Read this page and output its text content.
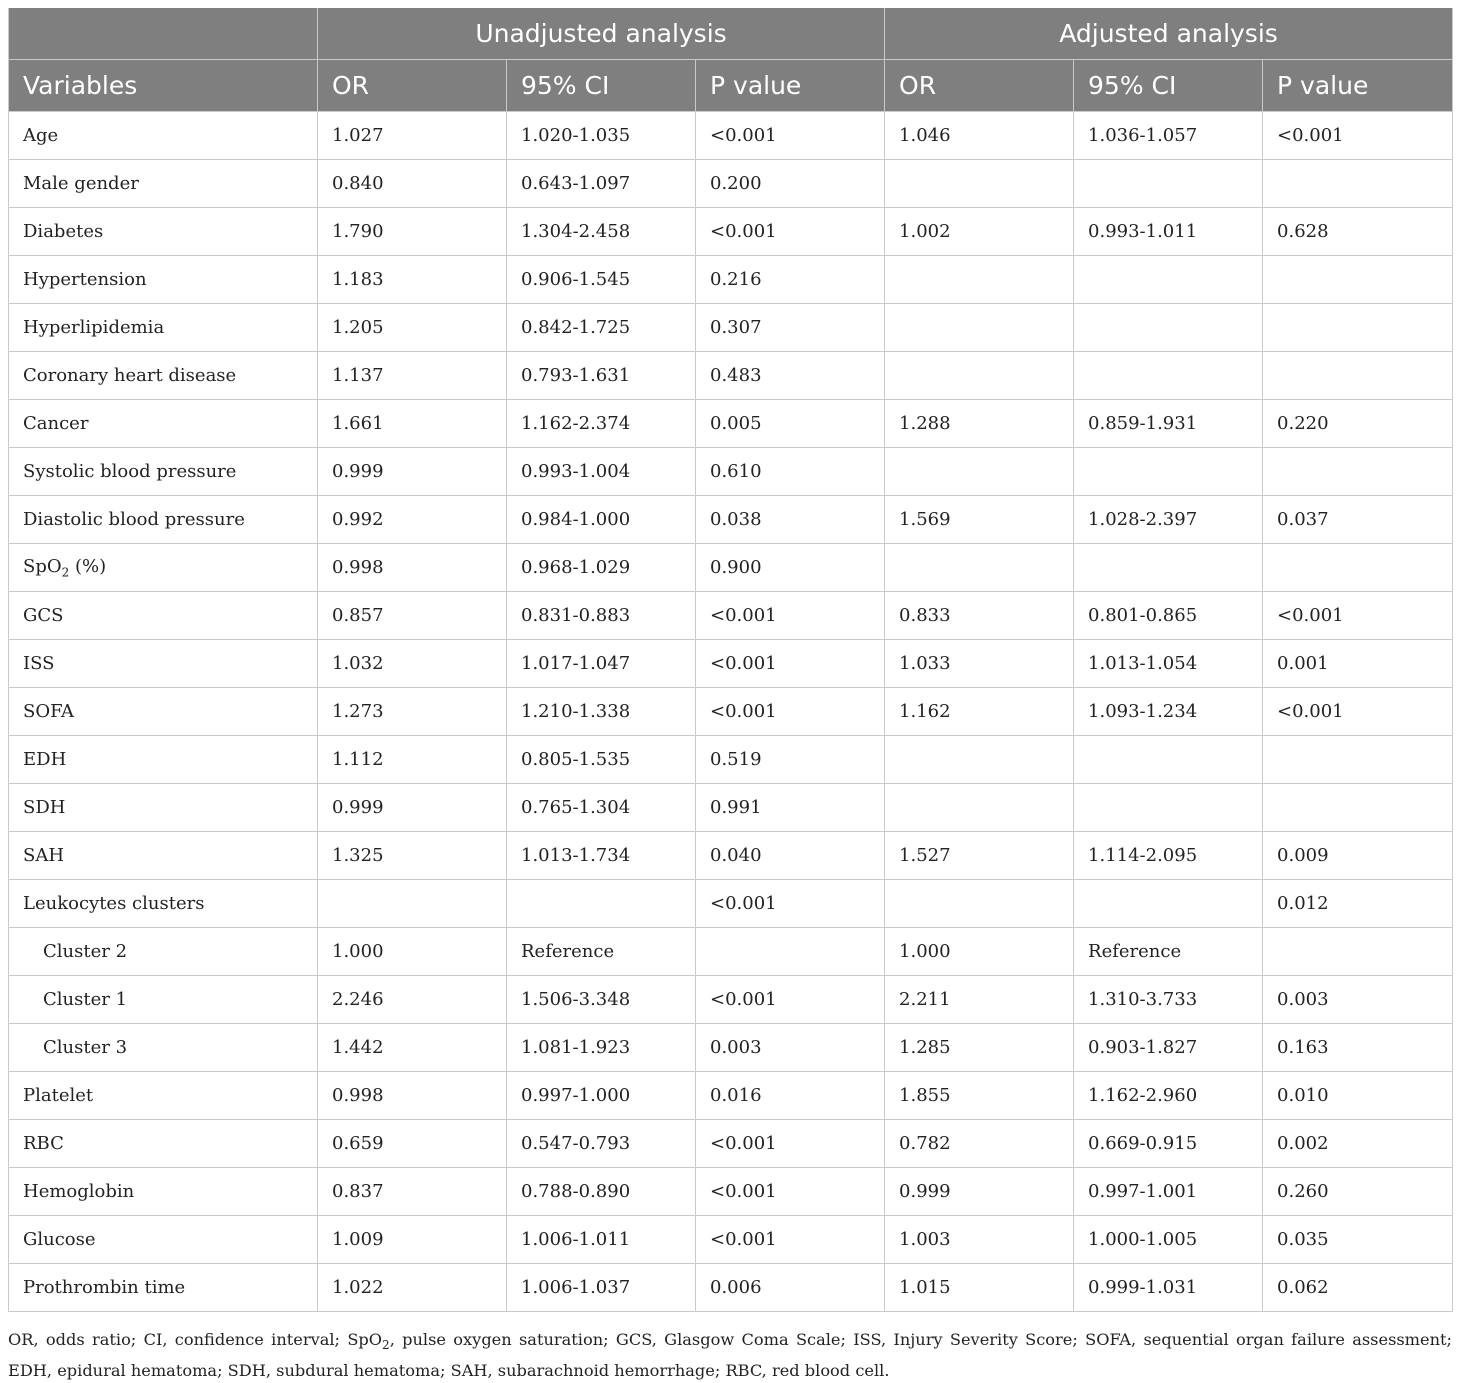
	Unadjusted analysis			Adjusted analysis		
Variables	OR	95% CI	P value	OR	95% CI	P value
Age	1.027	1.020-1.035	<0.001	1.046	1.036-1.057	<0.001
Male gender	0.840	0.643-1.097	0.200			
Diabetes	1.790	1.304-2.458	<0.001	1.002	0.993-1.011	0.628
Hypertension	1.183	0.906-1.545	0.216			
Hyperlipidemia	1.205	0.842-1.725	0.307			
Coronary heart disease	1.137	0.793-1.631	0.483			
Cancer	1.661	1.162-2.374	0.005	1.288	0.859-1.931	0.220
Systolic blood pressure	0.999	0.993-1.004	0.610			
Diastolic blood pressure	0.992	0.984-1.000	0.038	1.569	1.028-2.397	0.037
SpO$_2$ (%)	0.998	0.968-1.029	0.900			
GCS	0.857	0.831-0.883	<0.001	0.833	0.801-0.865	<0.001
ISS	1.032	1.017-1.047	<0.001	1.033	1.013-1.054	0.001
SOFA	1.273	1.210-1.338	<0.001	1.162	1.093-1.234	<0.001
EDH	1.112	0.805-1.535	0.519			
SDH	0.999	0.765-1.304	0.991			
SAH	1.325	1.013-1.734	0.040	1.527	1.114-2.095	0.009
Leukocytes clusters			<0.001			0.012
Cluster 2	1.000	Reference		1.000	Reference	
Cluster 1	2.246	1.506-3.348	<0.001	2.211	1.310-3.733	0.003
Cluster 3	1.442	1.081-1.923	0.003	1.285	0.903-1.827	0.163
Platelet	0.998	0.997-1.000	0.016	1.855	1.162-2.960	0.010
RBC	0.659	0.547-0.793	<0.001	0.782	0.669-0.915	0.002
Hemoglobin	0.837	0.788-0.890	<0.001	0.999	0.997-1.001	0.260
Glucose	1.009	1.006-1.011	<0.001	1.003	1.000-1.005	0.035
Prothrombin time	1.022	1.006-1.037	0.006	1.015	0.999-1.031	0.062
OR, odds ratio; CI, confidence interval; SpO$_2$, pulse oxygen saturation; GCS, Glasgow Coma Scale; ISS, Injury Severity Score; SOFA, sequential organ failure assessment; EDH, epidural hematoma; SDH, subdural hematoma; SAH, subarachnoid hemorrhage; RBC, red blood cell.
